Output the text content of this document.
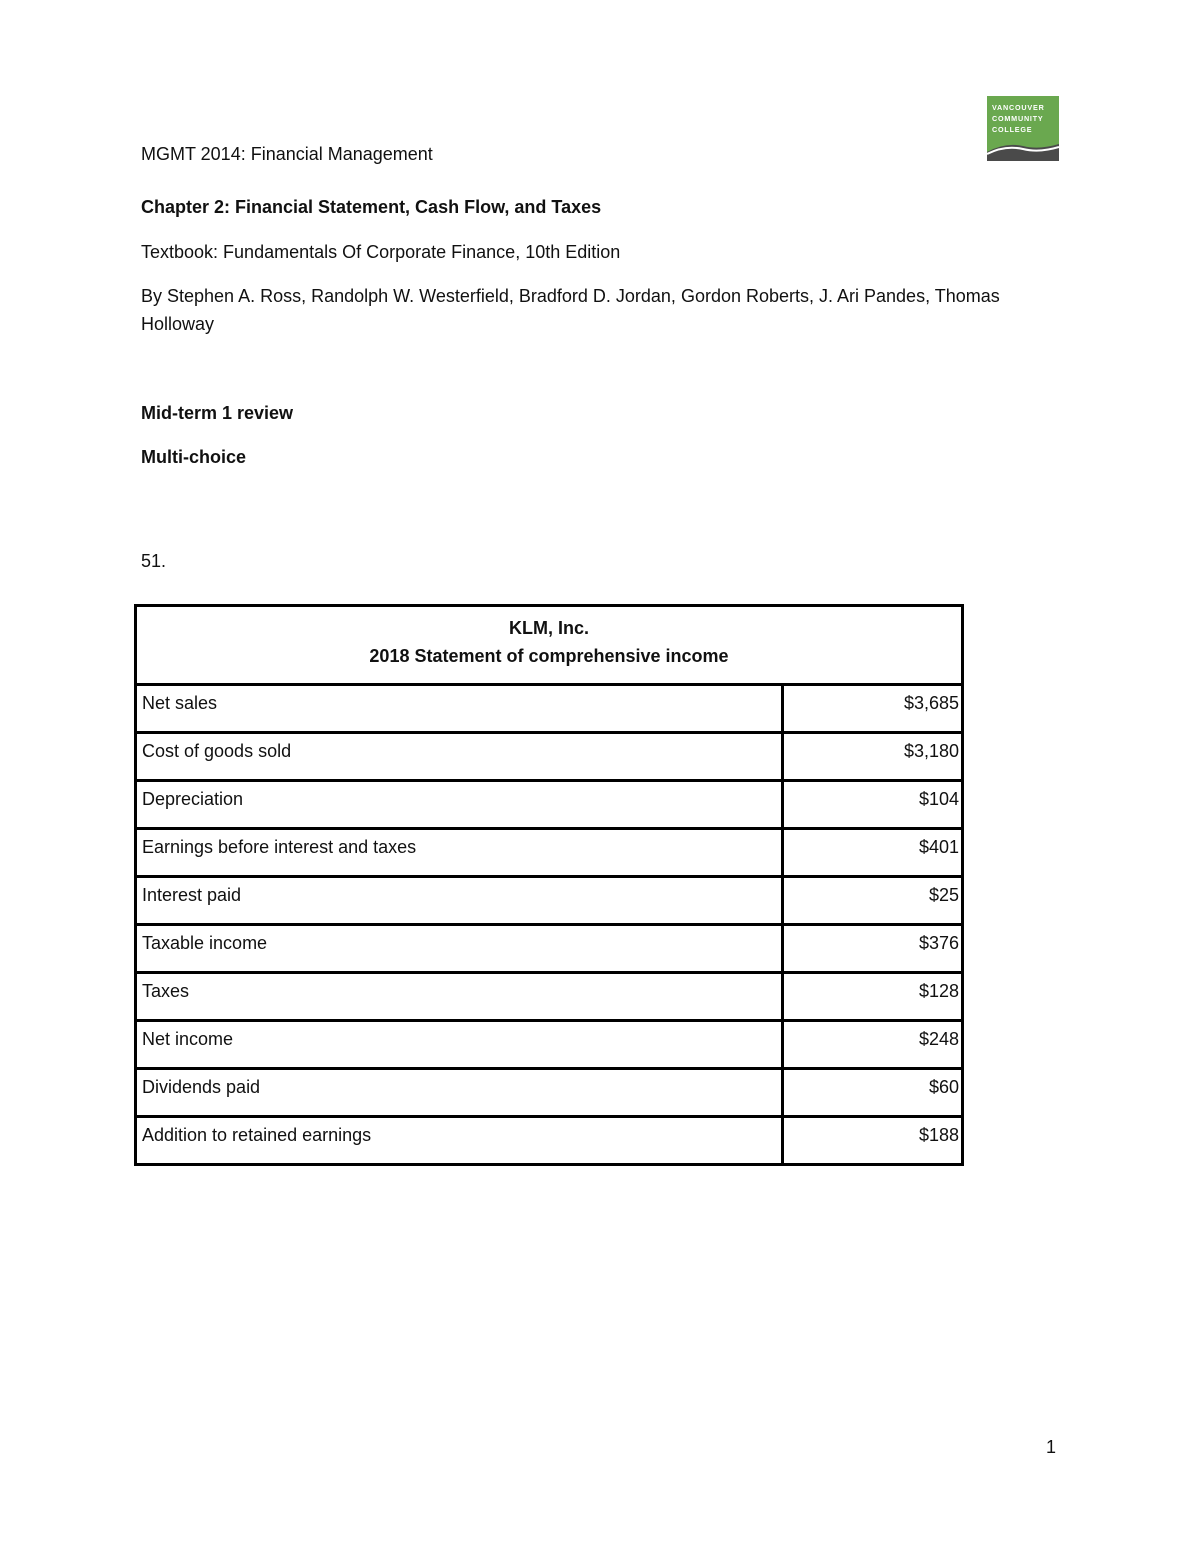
VANCOUVER
COMMUNITY
COLLEGE
MGMT 2014: Financial Management
Chapter 2: Financial Statement, Cash Flow, and Taxes
Textbook: Fundamentals Of Corporate Finance, 10th Edition
By Stephen A. Ross, Randolph W. Westerfield, Bradford D. Jordan, Gordon Roberts, J. Ari Pandes, Thomas
Holloway
Mid-term 1 review
Multi-choice
51.
KLM, Inc.
2018 Statement of comprehensive income
Net sales	$3,685
Cost of goods sold	$3,180
Depreciation	$104
Earnings before interest and taxes	$401
Interest paid	$25
Taxable income	$376
Taxes	$128
Net income	$248
Dividends paid	$60
Addition to retained earnings	$188
1
